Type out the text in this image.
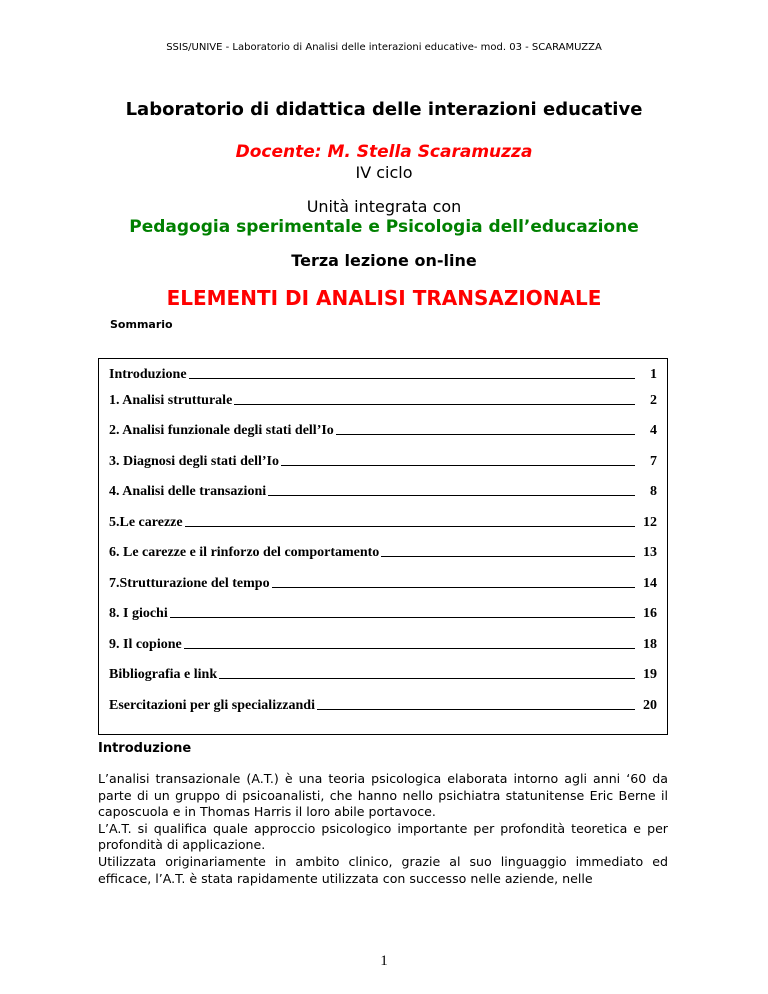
SSIS/UNIVE - Laboratorio di Analisi delle interazioni educative- mod. 03 - SCARAMUZZA
Laboratorio di didattica delle interazioni educative
Docente: M. Stella Scaramuzza
IV ciclo
Unità integrata con
Pedagogia sperimentale e Psicologia dell’educazione
Terza lezione on-line
ELEMENTI DI ANALISI TRANSAZIONALE
Sommario
Introduzione	1
1. Analisi strutturale	2
2. Analisi funzionale degli stati dell’Io	4
3. Diagnosi degli stati dell’Io	7
4. Analisi delle transazioni	8
5.Le carezze	12
6. Le carezze e il rinforzo del comportamento	13
7.Strutturazione del tempo	14
8. I giochi	16
9. Il copione	18
Bibliografia e link	19
Esercitazioni per gli specializzandi	20
Introduzione

L’analisi transazionale (A.T.) è una teoria psicologica elaborata intorno agli anni ‘60 da parte di un gruppo di psicoanalisti, che hanno nello psichiatra statunitense Eric Berne il caposcuola e in Thomas Harris il loro abile portavoce.

L’A.T. si qualifica quale approccio psicologico importante per profondità teoretica e per profondità di applicazione.

Utilizzata originariamente in ambito clinico, grazie al suo linguaggio immediato ed efficace, l’A.T. è stata rapidamente utilizzata con successo nelle aziende, nelle

1
